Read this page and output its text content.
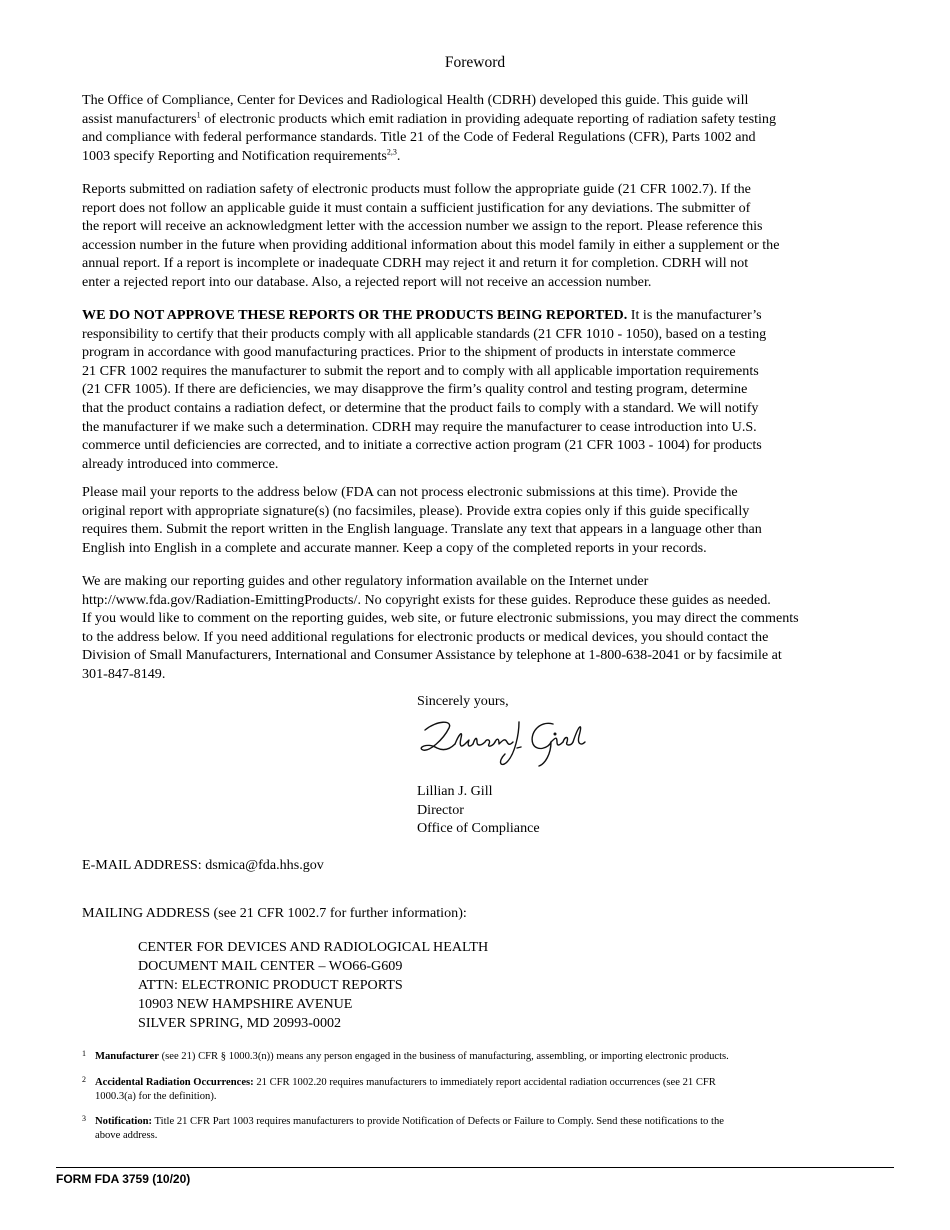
Foreword
The Office of Compliance, Center for Devices and Radiological Health (CDRH) developed this guide. This guide will
assist manufacturers$^1$ of electronic products which emit radiation in providing adequate reporting of radiation safety testing
and compliance with federal performance standards. Title 21 of the Code of Federal Regulations (CFR), Parts 1002 and
1003 specify Reporting and Notification requirements$^{2,3}$.
Reports submitted on radiation safety of electronic products must follow the appropriate guide (21 CFR 1002.7). If the
report does not follow an applicable guide it must contain a sufficient justification for any deviations. The submitter of
the report will receive an acknowledgment letter with the accession number we assign to the report. Please reference this
accession number in the future when providing additional information about this model family in either a supplement or the
annual report. If a report is incomplete or inadequate CDRH may reject it and return it for completion. CDRH will not
enter a rejected report into our database. Also, a rejected report will not receive an accession number.
WE DO NOT APPROVE THESE REPORTS OR THE PRODUCTS BEING REPORTED. It is the manufacturer’s
responsibility to certify that their products comply with all applicable standards (21 CFR 1010 - 1050), based on a testing
program in accordance with good manufacturing practices. Prior to the shipment of products in interstate commerce
21 CFR 1002 requires the manufacturer to submit the report and to comply with all applicable importation requirements
(21 CFR 1005). If there are deficiencies, we may disapprove the firm’s quality control and testing program, determine
that the product contains a radiation defect, or determine that the product fails to comply with a standard. We will notify
the manufacturer if we make such a determination. CDRH may require the manufacturer to cease introduction into U.S.
commerce until deficiencies are corrected, and to initiate a corrective action program (21 CFR 1003 - 1004) for products
already introduced into commerce.
Please mail your reports to the address below (FDA can not process electronic submissions at this time). Provide the
original report with appropriate signature(s) (no facsimiles, please). Provide extra copies only if this guide specifically
requires them. Submit the report written in the English language. Translate any text that appears in a language other than
English into English in a complete and accurate manner. Keep a copy of the completed reports in your records.
We are making our reporting guides and other regulatory information available on the Internet under
http://www.fda.gov/Radiation-EmittingProducts/. No copyright exists for these guides. Reproduce these guides as needed.
If you would like to comment on the reporting guides, web site, or future electronic submissions, you may direct the comments
to the address below. If you need additional regulations for electronic products or medical devices, you should contact the
Division of Small Manufacturers, International and Consumer Assistance by telephone at 1-800-638-2041 or by facsimile at
301-847-8149.
Sincerely yours,
Lillian J. Gill
Director
Office of Compliance
E-MAIL ADDRESS: dsmica@fda.hhs.gov
MAILING ADDRESS (see 21 CFR 1002.7 for further information):
CENTER FOR DEVICES AND RADIOLOGICAL HEALTH
DOCUMENT MAIL CENTER – WO66-G609
ATTN: ELECTRONIC PRODUCT REPORTS
10903 NEW HAMPSHIRE AVENUE
SILVER SPRING, MD 20993-0002
1 Manufacturer (see 21) CFR § 1000.3(n)) means any person engaged in the business of manufacturing, assembling, or importing electronic products.
2 Accidental Radiation Occurrences: 21 CFR 1002.20 requires manufacturers to immediately report accidental radiation occurrences (see 21 CFR
1000.3(a) for the definition).
3 Notification: Title 21 CFR Part 1003 requires manufacturers to provide Notification of Defects or Failure to Comply. Send these notifications to the
above address.
FORM FDA 3759 (10/20)
